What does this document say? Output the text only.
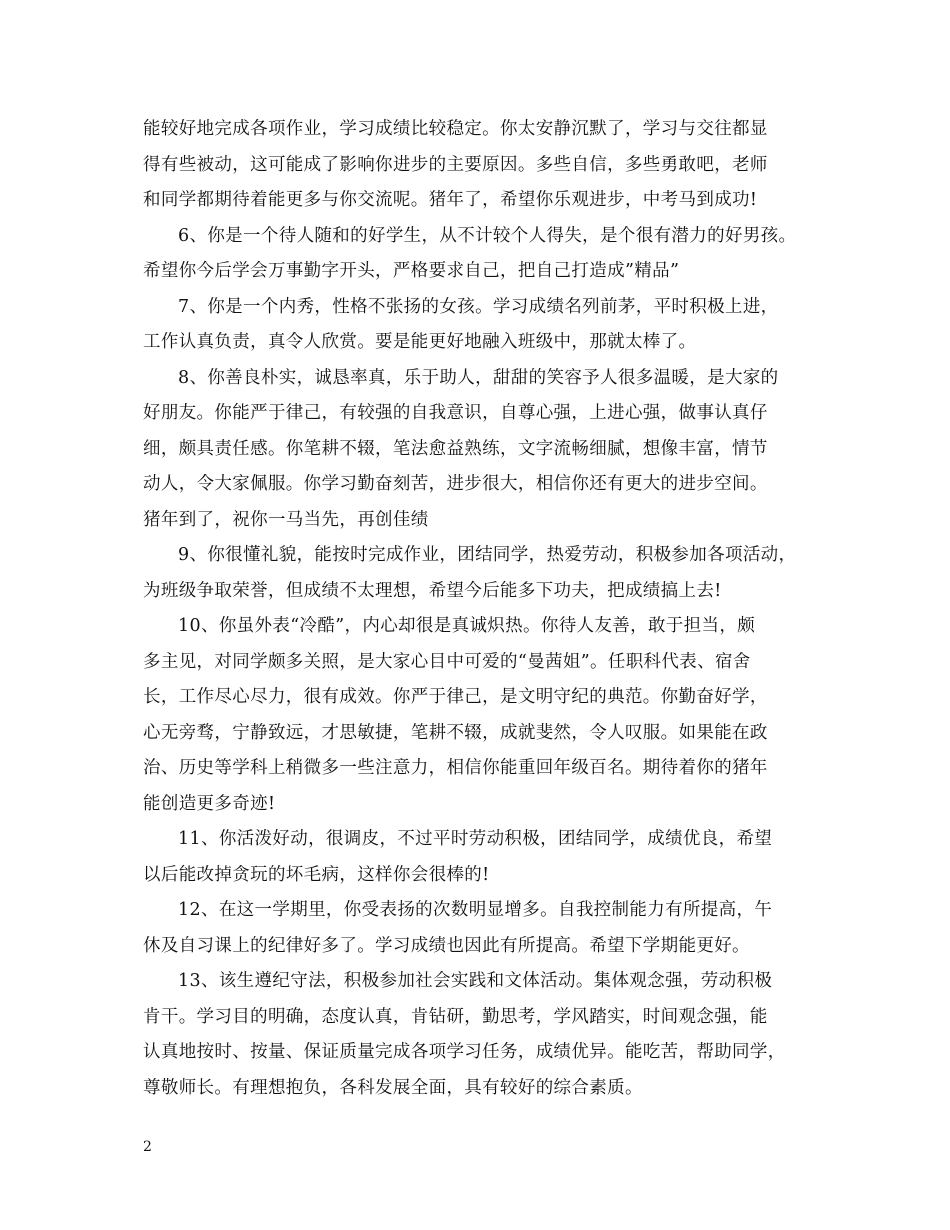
能较好地完成各项作业，学习成绩比较稳定。你太安静沉默了，学习与交往都显
得有些被动，这可能成了影响你进步的主要原因。多些自信，多些勇敢吧，老师
和同学都期待着能更多与你交流呢。猪年了，希望你乐观进步，中考马到成功!
6、你是一个待人随和的好学生，从不计较个人得失，是个很有潜力的好男孩。
希望你今后学会万事勤字开头，严格要求自己，把自己打造成”精品”
7、你是一个内秀，性格不张扬的女孩。学习成绩名列前茅，平时积极上进，
工作认真负责，真令人欣赏。要是能更好地融入班级中，那就太棒了。
8、你善良朴实，诚恳率真，乐于助人，甜甜的笑容予人很多温暖，是大家的
好朋友。你能严于律己，有较强的自我意识，自尊心强，上进心强，做事认真仔
细，颇具责任感。你笔耕不辍，笔法愈益熟练，文字流畅细腻，想像丰富，情节
动人，令大家佩服。你学习勤奋刻苦，进步很大，相信你还有更大的进步空间。
猪年到了，祝你一马当先，再创佳绩
9、你很懂礼貌，能按时完成作业，团结同学，热爱劳动，积极参加各项活动，
为班级争取荣誉，但成绩不太理想，希望今后能多下功夫，把成绩搞上去!
10、你虽外表“冷酷”，内心却很是真诚炽热。你待人友善，敢于担当，颇
多主见，对同学颇多关照，是大家心目中可爱的“曼茜姐”。任职科代表、宿舍
长，工作尽心尽力，很有成效。你严于律己，是文明守纪的典范。你勤奋好学，
心无旁骛，宁静致远，才思敏捷，笔耕不辍，成就斐然，令人叹服。如果能在政
治、历史等学科上稍微多一些注意力，相信你能重回年级百名。期待着你的猪年
能创造更多奇迹!
11、你活泼好动，很调皮，不过平时劳动积极，团结同学，成绩优良，希望
以后能改掉贪玩的坏毛病，这样你会很棒的!
12、在这一学期里，你受表扬的次数明显增多。自我控制能力有所提高，午
休及自习课上的纪律好多了。学习成绩也因此有所提高。希望下学期能更好。
13、该生遵纪守法，积极参加社会实践和文体活动。集体观念强，劳动积极
肯干。学习目的明确，态度认真，肯钻研，勤思考，学风踏实，时间观念强，能
认真地按时、按量、保证质量完成各项学习任务，成绩优异。能吃苦，帮助同学，
尊敬师长。有理想抱负，各科发展全面，具有较好的综合素质。
2
